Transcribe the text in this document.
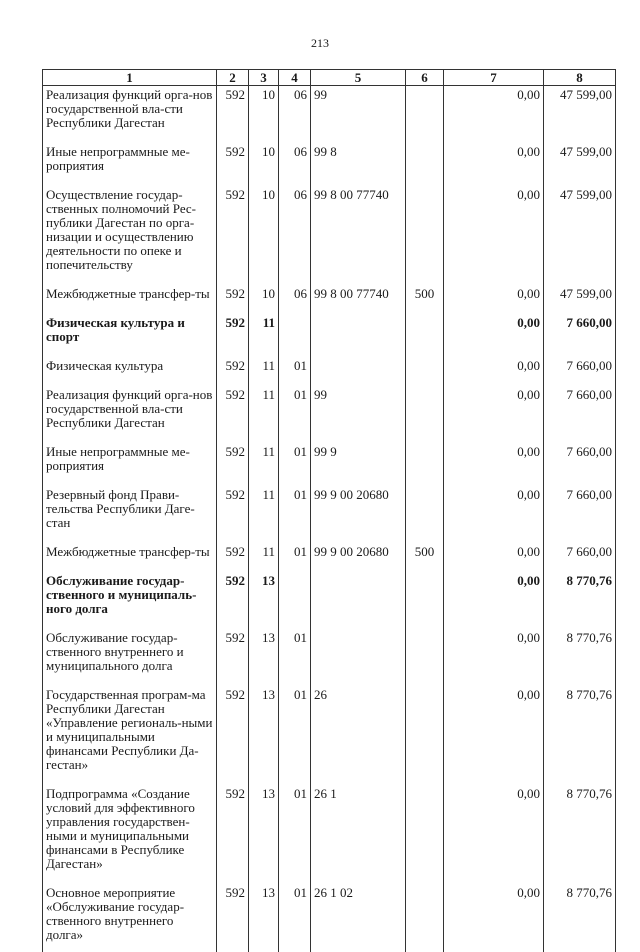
213
1	2	3	4	5	6	7	8
Реализация функций орга-нов государственной вла-сти Республики Дагестан	592	10	06	99		0,00	47 599,00
Иные непрограммные ме-роприятия	592	10	06	99 8		0,00	47 599,00
Осуществление государ-ственных полномочий Рес-публики Дагестан по орга-низации и осуществлению деятельности по опеке и попечительству	592	10	06	99 8 00 77740		0,00	47 599,00
Межбюджетные трансфер-ты	592	10	06	99 8 00 77740	500	0,00	47 599,00
Физическая культура и спорт	592	11				0,00	7 660,00
Физическая культура	592	11	01			0,00	7 660,00
Реализация функций орга-нов государственной вла-сти Республики Дагестан	592	11	01	99		0,00	7 660,00
Иные непрограммные ме-роприятия	592	11	01	99 9		0,00	7 660,00
Резервный фонд Прави-тельства Республики Даге-стан	592	11	01	99 9 00 20680		0,00	7 660,00
Межбюджетные трансфер-ты	592	11	01	99 9 00 20680	500	0,00	7 660,00
Обслуживание государ-ственного и муниципаль-ного долга	592	13				0,00	8 770,76
Обслуживание государ-ственного внутреннего и муниципального долга	592	13	01			0,00	8 770,76
Государственная програм-ма Республики Дагестан «Управление региональ-ными и муниципальными финансами Республики Да-гестан»	592	13	01	26		0,00	8 770,76
Подпрограмма «Создание условий для эффективного управления государствен-ными и муниципальными финансами в Республике Дагестан»	592	13	01	26 1		0,00	8 770,76
Основное мероприятие «Обслуживание государ-ственного внутреннего долга»	592	13	01	26 1 02		0,00	8 770,76
